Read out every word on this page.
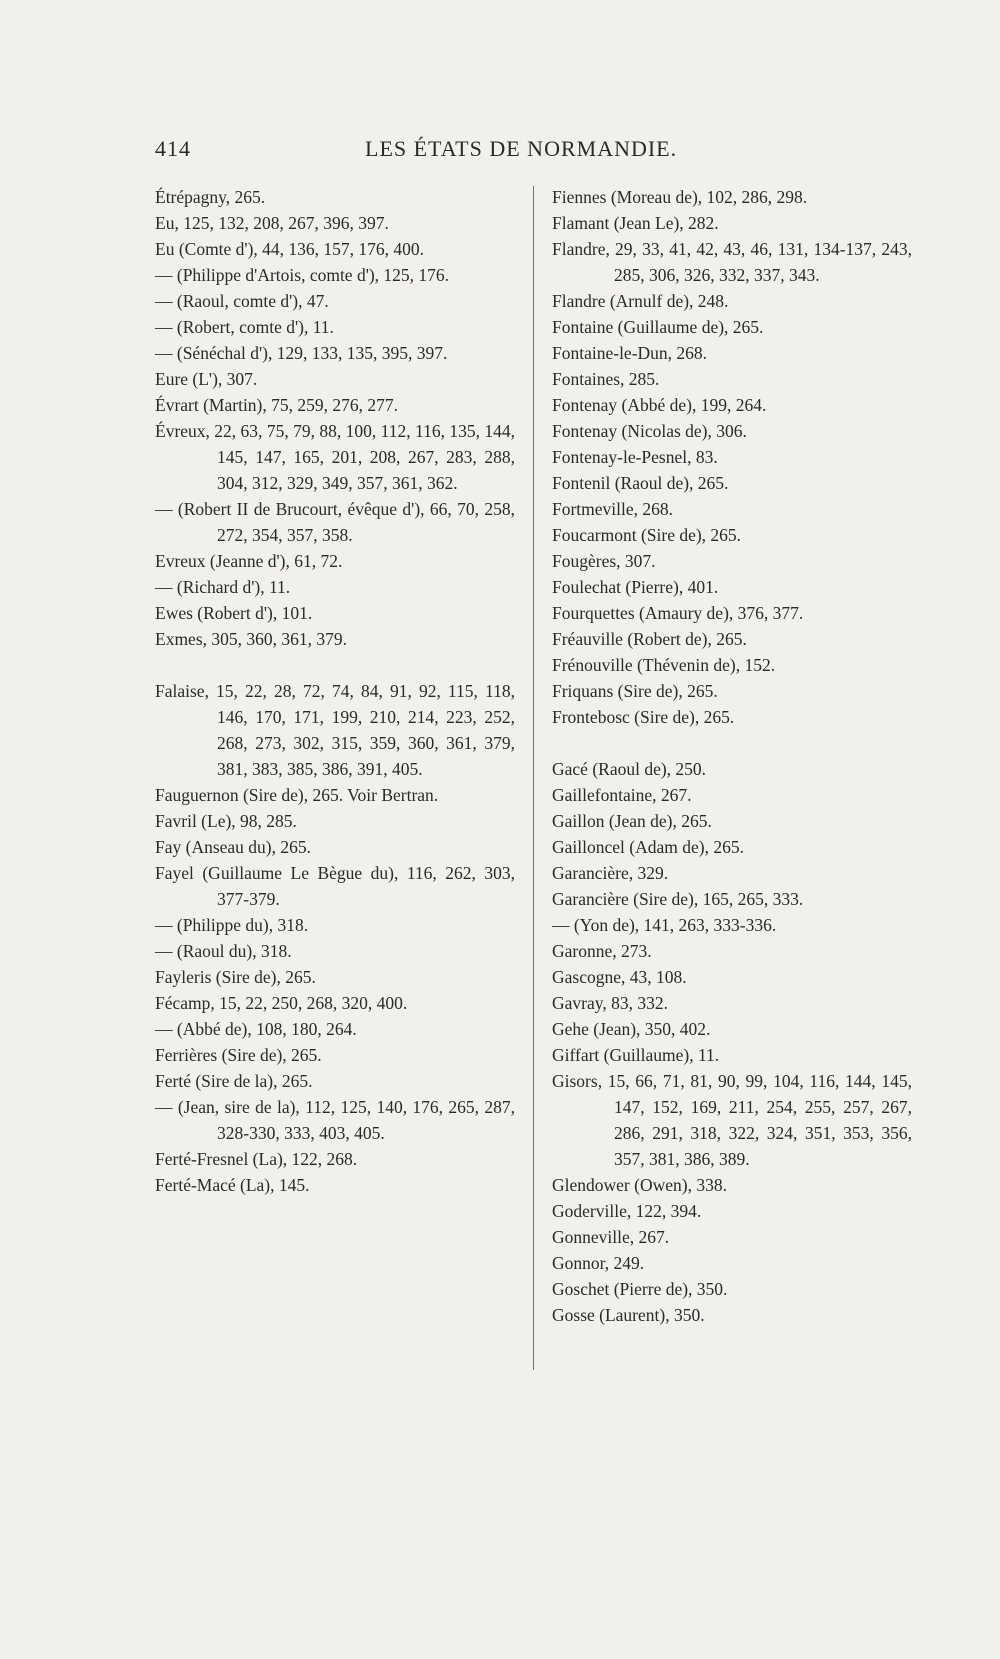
414	LES ÉTATS DE NORMANDIE.
Étrépagny, 265.
Eu, 125, 132, 208, 267, 396, 397.
Eu (Comte d'), 44, 136, 157, 176, 400.
— (Philippe d'Artois, comte d'), 125, 176.
— (Raoul, comte d'), 47.
— (Robert, comte d'), 11.
— (Sénéchal d'), 129, 133, 135, 395, 397.
Eure (L'), 307.
Évrart (Martin), 75, 259, 276, 277.
Évreux, 22, 63, 75, 79, 88, 100, 112, 116, 135, 144, 145, 147, 165, 201, 208, 267, 283, 288, 304, 312, 329, 349, 357, 361, 362.
— (Robert II de Brucourt, évêque d'), 66, 70, 258, 272, 354, 357, 358.
Evreux (Jeanne d'), 61, 72.
— (Richard d'), 11.
Ewes (Robert d'), 101.
Exmes, 305, 360, 361, 379.
Falaise, 15, 22, 28, 72, 74, 84, 91, 92, 115, 118, 146, 170, 171, 199, 210, 214, 223, 252, 268, 273, 302, 315, 359, 360, 361, 379, 381, 383, 385, 386, 391, 405.
Fauguernon (Sire de), 265. Voir Bertran.
Favril (Le), 98, 285.
Fay (Anseau du), 265.
Fayel (Guillaume Le Bègue du), 116, 262, 303, 377-379.
— (Philippe du), 318.
— (Raoul du), 318.
Fayleris (Sire de), 265.
Fécamp, 15, 22, 250, 268, 320, 400.
— (Abbé de), 108, 180, 264.
Ferrières (Sire de), 265.
Ferté (Sire de la), 265.
— (Jean, sire de la), 112, 125, 140, 176, 265, 287, 328-330, 333, 403, 405.
Ferté-Fresnel (La), 122, 268.
Ferté-Macé (La), 145.
Fiennes (Moreau de), 102, 286, 298.
Flamant (Jean Le), 282.
Flandre, 29, 33, 41, 42, 43, 46, 131, 134-137, 243, 285, 306, 326, 332, 337, 343.
Flandre (Arnulf de), 248.
Fontaine (Guillaume de), 265.
Fontaine-le-Dun, 268.
Fontaines, 285.
Fontenay (Abbé de), 199, 264.
Fontenay (Nicolas de), 306.
Fontenay-le-Pesnel, 83.
Fontenil (Raoul de), 265.
Fortmeville, 268.
Foucarmont (Sire de), 265.
Fougères, 307.
Foulechat (Pierre), 401.
Fourquettes (Amaury de), 376, 377.
Fréauville (Robert de), 265.
Frénouville (Thévenin de), 152.
Friquans (Sire de), 265.
Frontebosc (Sire de), 265.
Gacé (Raoul de), 250.
Gaillefontaine, 267.
Gaillon (Jean de), 265.
Gailloncel (Adam de), 265.
Garancière, 329.
Garancière (Sire de), 165, 265, 333.
— (Yon de), 141, 263, 333-336.
Garonne, 273.
Gascogne, 43, 108.
Gavray, 83, 332.
Gehe (Jean), 350, 402.
Giffart (Guillaume), 11.
Gisors, 15, 66, 71, 81, 90, 99, 104, 116, 144, 145, 147, 152, 169, 211, 254, 255, 257, 267, 286, 291, 318, 322, 324, 351, 353, 356, 357, 381, 386, 389.
Glendower (Owen), 338.
Goderville, 122, 394.
Gonneville, 267.
Gonnor, 249.
Goschet (Pierre de), 350.
Gosse (Laurent), 350.
